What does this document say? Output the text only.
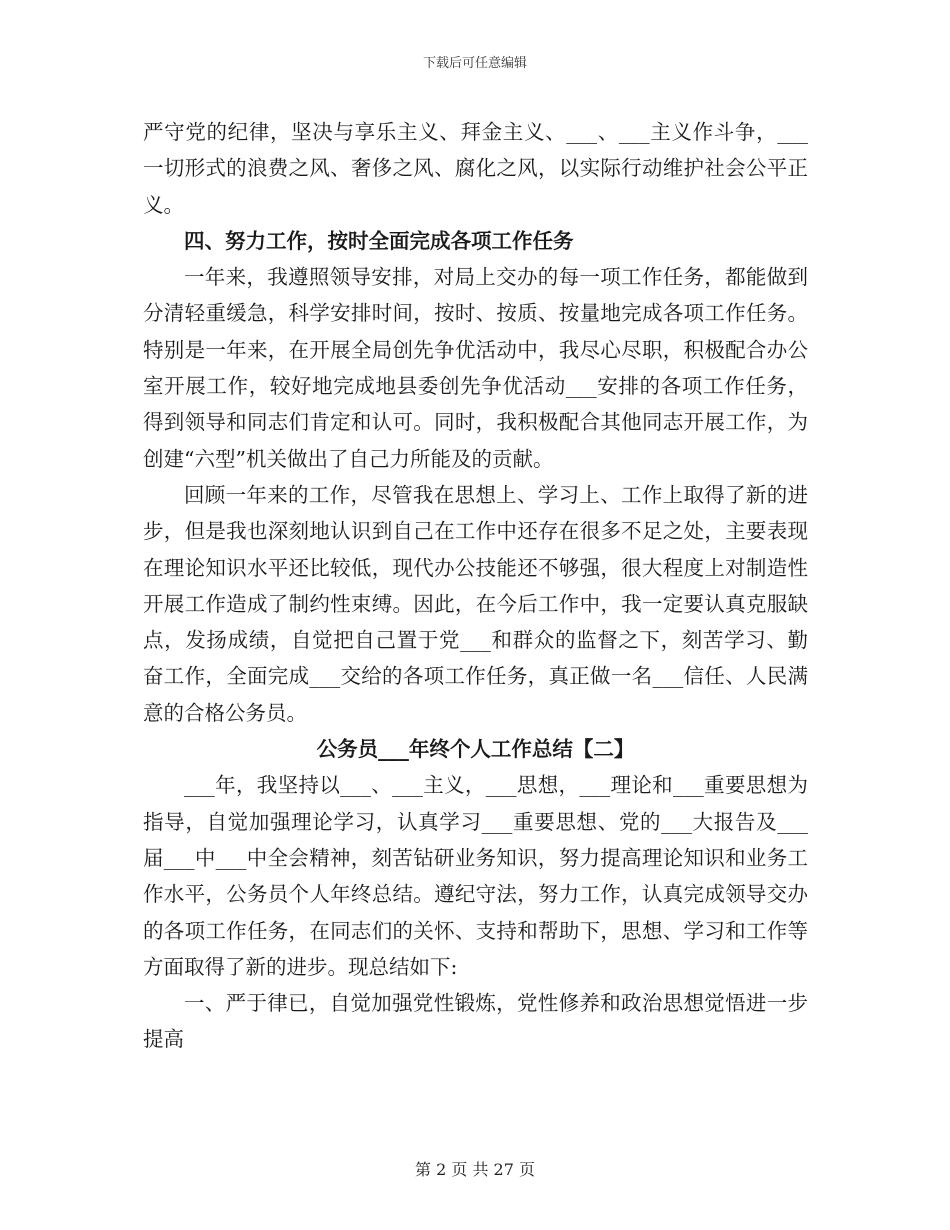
下载后可任意编辑

严守党的纪律，坚决与享乐主义、拜金主义、___、___主义作斗争，___一切形式的浪费之风、奢侈之风、腐化之风，以实际行动维护社会公平正义。

四、努力工作，按时全面完成各项工作任务

一年来，我遵照领导安排，对局上交办的每一项工作任务，都能做到分清轻重缓急，科学安排时间，按时、按质、按量地完成各项工作任务。特别是一年来，在开展全局创先争优活动中，我尽心尽职，积极配合办公室开展工作，较好地完成地县委创先争优活动___安排的各项工作任务，得到领导和同志们肯定和认可。同时，我积极配合其他同志开展工作，为创建“六型”机关做出了自己力所能及的贡献。

回顾一年来的工作，尽管我在思想上、学习上、工作上取得了新的进步，但是我也深刻地认识到自己在工作中还存在很多不足之处，主要表现在理论知识水平还比较低，现代办公技能还不够强，很大程度上对制造性开展工作造成了制约性束缚。因此，在今后工作中，我一定要认真克服缺点，发扬成绩，自觉把自己置于党___和群众的监督之下，刻苦学习、勤奋工作，全面完成___交给的各项工作任务，真正做一名___信任、人民满意的合格公务员。

公务员___年终个人工作总结【二】

___年，我坚持以___、___主义，___思想，___理论和___重要思想为指导，自觉加强理论学习，认真学习___重要思想、党的___大报告及___届___中___中全会精神，刻苦钻研业务知识，努力提高理论知识和业务工作水平，公务员个人年终总结。遵纪守法，努力工作，认真完成领导交办的各项工作任务，在同志们的关怀、支持和帮助下，思想、学习和工作等方面取得了新的进步。现总结如下:

一、严于律已，自觉加强党性锻炼，党性修养和政治思想觉悟进一步提高

第 2 页 共 27 页
